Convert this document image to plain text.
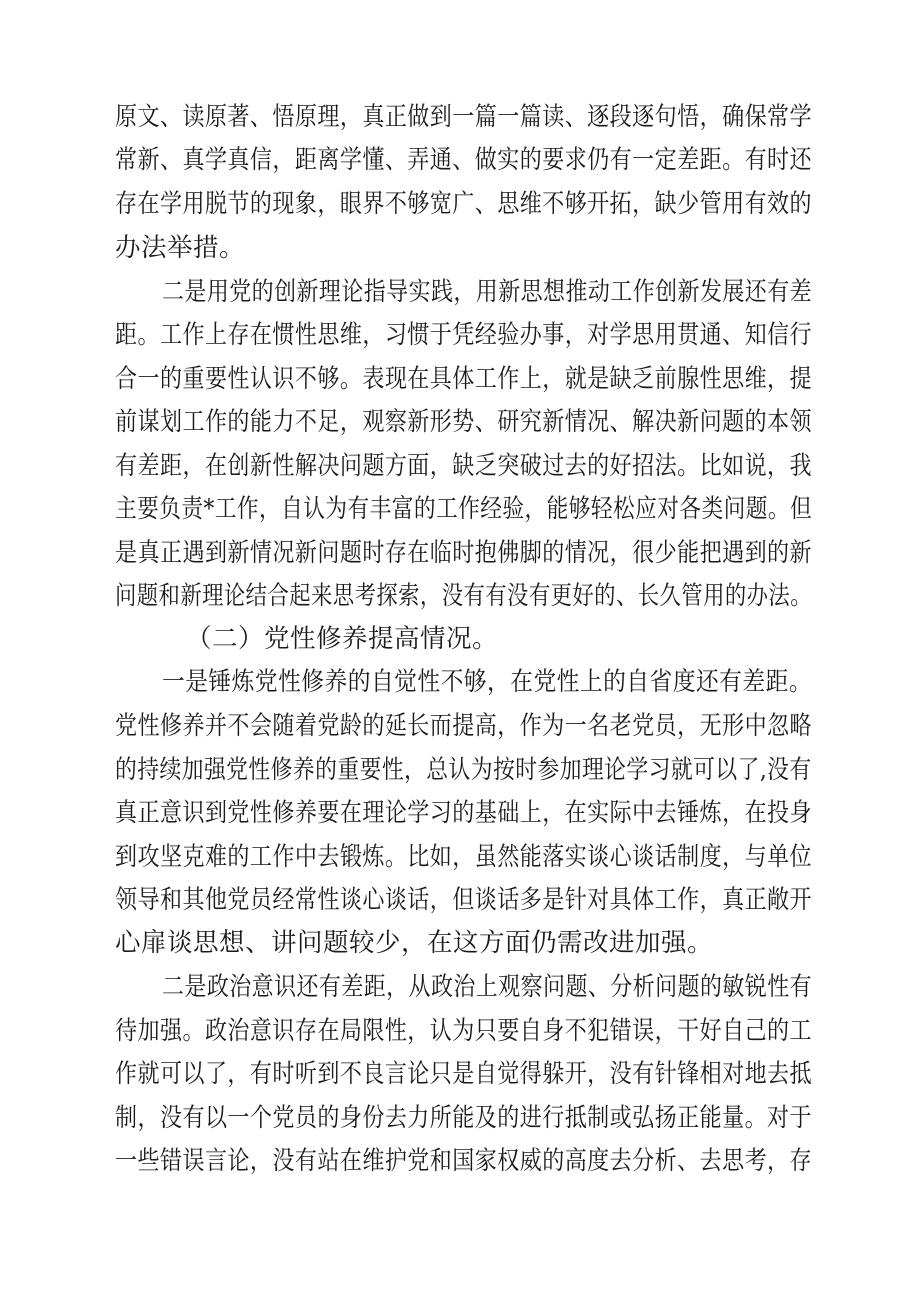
原文、读原著、悟原理，真正做到一篇一篇读、逐段逐句悟，确保常学
常新、真学真信，距离学懂、弄通、做实的要求仍有一定差距。有时还
存在学用脱节的现象，眼界不够宽广、思维不够开拓，缺少管用有效的
办法举措。
二是用党的创新理论指导实践，用新思想推动工作创新发展还有差
距。工作上存在惯性思维，习惯于凭经验办事，对学思用贯通、知信行
合一的重要性认识不够。表现在具体工作上，就是缺乏前腺性思维，提
前谋划工作的能力不足，观察新形势、研究新情况、解决新问题的本领
有差距，在创新性解决问题方面，缺乏突破过去的好招法。比如说，我
主要负责*工作，自认为有丰富的工作经验，能够轻松应对各类问题。但
是真正遇到新情况新问题时存在临时抱佛脚的情况，很少能把遇到的新
问题和新理论结合起来思考探索，没有有没有更好的、长久管用的办法。
（二）党性修养提高情况。
一是锤炼党性修养的自觉性不够，在党性上的自省度还有差距。
党性修养并不会随着党龄的延长而提高，作为一名老党员，无形中忽略
的持续加强党性修养的重要性，总认为按时参加理论学习就可以了,没有
真正意识到党性修养要在理论学习的基础上，在实际中去锤炼，在投身
到攻坚克难的工作中去锻炼。比如，虽然能落实谈心谈话制度，与单位
领导和其他党员经常性谈心谈话，但谈话多是针对具体工作，真正敞开
心扉谈思想、讲问题较少，在这方面仍需改进加强。
二是政治意识还有差距，从政治上观察问题、分析问题的敏锐性有
待加强。政治意识存在局限性，认为只要自身不犯错误，干好自己的工
作就可以了，有时听到不良言论只是自觉得躲开，没有针锋相对地去抵
制，没有以一个党员的身份去力所能及的进行抵制或弘扬正能量。对于
一些错误言论，没有站在维护党和国家权威的高度去分析、去思考，存
